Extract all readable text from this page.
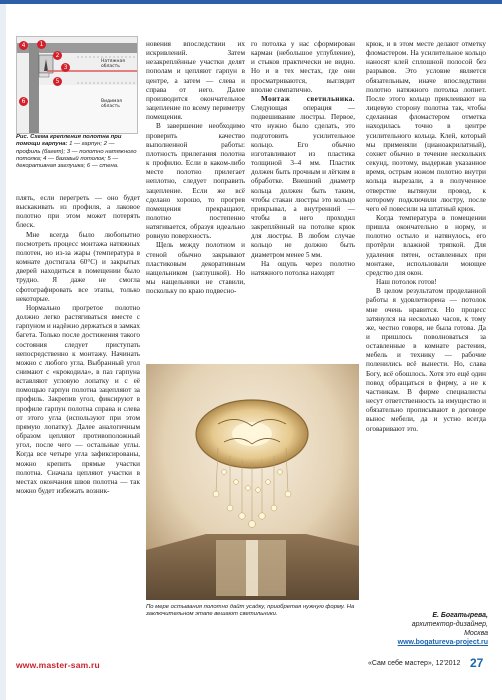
1
2
3
4
5
6
Натяжная область
Видимая область
Рис. Схема крепления полотна при помощи гарпуна: 1 — гарпун; 2 — профиль (багет); 3 — полотно натяжного потолка; 4 — базовый потолок; 5 — декоративная заглушка; 6 — стена.

плять, если перегреть — оно будет выскакивать из профиля, а лаковое полотно при этом может потерять блеск.

Мне всегда было любопытно посмотреть процесс монтажа натяжных полотен, но из-за жары (температура в комнате достигала 60°С) и закрытых дверей находиться в помещении было трудно. Я даже не смогла сфотографировать все этапы, только некоторые.

Нормально прогретое полотно должно легко растягиваться вместе с гарпуном и надёжно держаться в замках багета. Только после достижения такого состояния следует приступать непосредственно к монтажу. Начинать можно с любого угла. Выбранный угол снимают с «крокодила», в паз гарпуна вставляют угловую лопатку и с её помощью гарпун полотна зацепляют за профиль. Закрепив угол, фиксируют в профиле гарпун полотна справа и слева от этого угла (используют при этом прямую лопатку). Далее аналогичным образом цепляют противоположный угол, после чего — остальные углы. Когда все четыре угла зафиксированы, можно крепить прямые участки полотна. Сначала цепляют участки в местах окончания швов полотна — так можно будет избежать возник-

новения впоследствии их искривлений. Затем незакреплённые участки делят пополам и цепляют гарпун в центре, а затем — слева и справа от него. Далее производится окончательное зацепление по всему периметру помещения.

В завершение необходимо проверить качество выполненной работы: плотность прилегания полотна к профилю. Если в каком-либо месте полотно прилегает неплотно, следует поправить зацепление. Если же всё сделано хорошо, то прогрев помещения прекращают, полотно постепенно натягивается, образуя идеально ровную поверхность.

Щель между полотном и стеной обычно закрывают пластиковым декоративным нащельником (заглушкой). Но мы нащельники не ставили, поскольку по краю подвесно-

го потолка у нас сформирован карман (небольшое углубление), и стыков практически не видно. Но и в тех местах, где они просматриваются, выглядит вполне симпатично.

Монтаж светильника. Следующая операция — подвешивание люстры. Первое, что нужно было сделать, это подготовить усилительное кольцо. Его обычно изготавливают из пластика толщиной 3–4 мм. Пластик должен быть прочным и лёгким в обработке. Внешний диаметр кольца должен быть таким, чтобы стакан люстры это кольцо прикрывал, а внутренний — чтобы в него проходил закреплённый на потолке крюк для люстры. В любом случае кольцо не должно быть диаметром менее 5 мм.

На ощупь через полотно натяжного потолка находят

крюк, и в этом месте делают отметку фломастером. На усилительное кольцо наносят клей сплошной полосой без разрывов. Это условие является обязательным, иначе впоследствии полотно натяжного потолка лопнет. После этого кольцо приклеивают на лицевую сторону полотна так, чтобы сделанная фломастером отметка находилась точно в центре усилительного кольца. Клей, который мы применяли (цианоакрилатный), сохнет обычно в течение нескольких секунд, поэтому, выдержав указанное время, острым ножом полотно внутри кольца вырезали, а в полученное отверстие вытянули провод, к которому подключили люстру, после чего её повесили на штатный крюк.

Когда температура в помещении пришла окончательно в норму, и полотно остыло и натянулось, его протёрли влажной тряпкой. Для удаления пятен, оставленных при монтаже, использовали моющее средство для окон.

Наш потолок готов!

В целом результатом проделанной работы я удовлетворена — потолок мне очень нравится. Но процесс затянулся на несколько часов, к тому же, честно говоря, не была готова. Да и пришлось поволноваться за оставленные в комнате растения, мебель и технику — рабочие поленились всё вынести. Но, слава Богу, всё обошлось. Хотя это ещё один повод обращаться в фирму, а не к частникам. В фирме специалисты несут ответственность за имущество и обязательно прописывают в договоре вынос мебели, да и устно всегда оговаривают это.

По мере остывания полотно дайт усадку, приобретая нужную форму. На заключительном этапе вешают светильники.	Е. Богатырева,
архитектор-дизайнер,
Москва
www.bogatureva-project.ru
www.master-sam.ru	«Сам себе мастер», 12'2012 27
